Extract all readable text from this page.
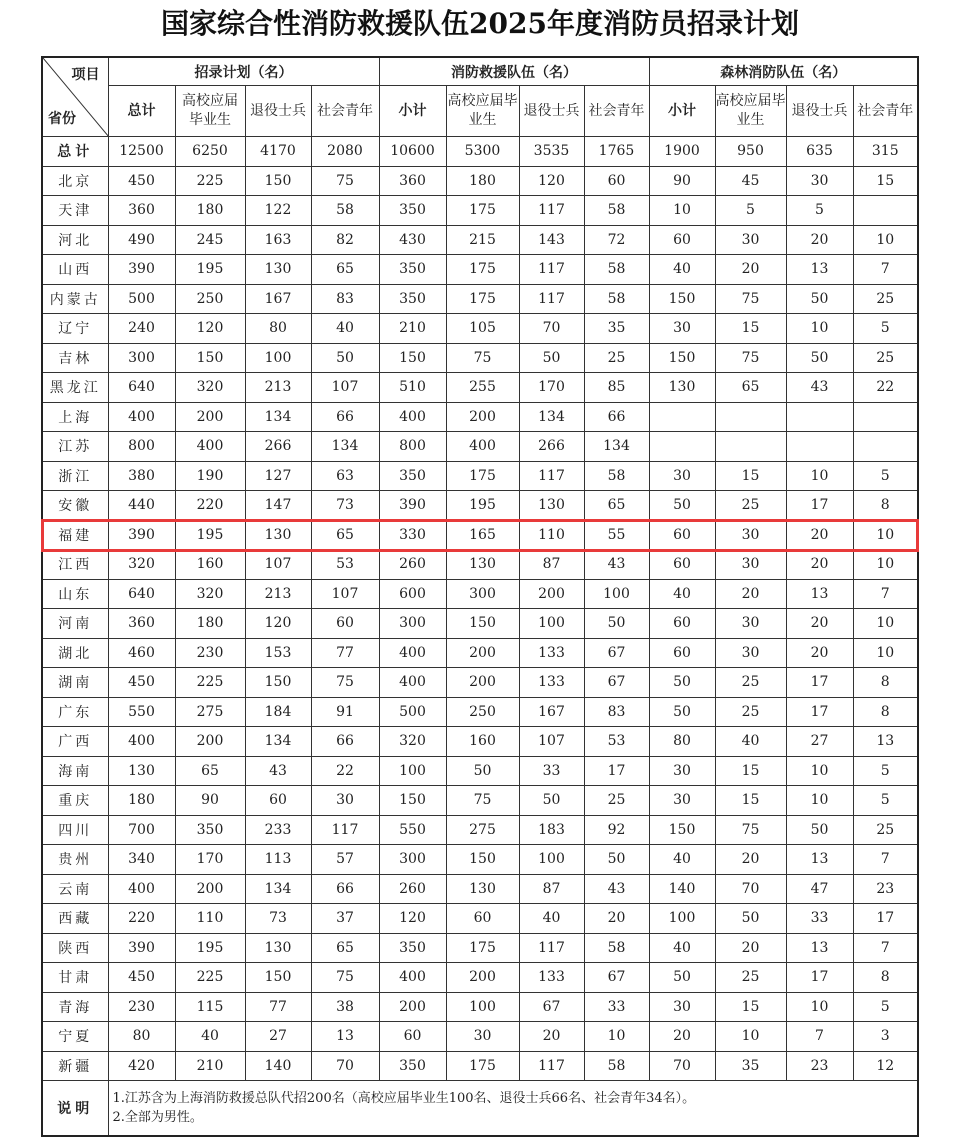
国家综合性消防救援队伍2025年度消防员招录计划
项目
省份	招录计划（名）				消防救援队伍（名）				森林消防队伍（名）			
	总计	高校应届毕业生	退役士兵	社会青年	小计	高校应届毕业生	退役士兵	社会青年	小计	高校应届毕业生	退役士兵	社会青年
总计	12500	6250	4170	2080	10600	5300	3535	1765	1900	950	635	315
北京	450	225	150	75	360	180	120	60	90	45	30	15
天津	360	180	122	58	350	175	117	58	10	5	5	
河北	490	245	163	82	430	215	143	72	60	30	20	10
山西	390	195	130	65	350	175	117	58	40	20	13	7
内蒙古	500	250	167	83	350	175	117	58	150	75	50	25
辽宁	240	120	80	40	210	105	70	35	30	15	10	5
吉林	300	150	100	50	150	75	50	25	150	75	50	25
黑龙江	640	320	213	107	510	255	170	85	130	65	43	22
上海	400	200	134	66	400	200	134	66				
江苏	800	400	266	134	800	400	266	134				
浙江	380	190	127	63	350	175	117	58	30	15	10	5
安徽	440	220	147	73	390	195	130	65	50	25	17	8
福建	390	195	130	65	330	165	110	55	60	30	20	10
江西	320	160	107	53	260	130	87	43	60	30	20	10
山东	640	320	213	107	600	300	200	100	40	20	13	7
河南	360	180	120	60	300	150	100	50	60	30	20	10
湖北	460	230	153	77	400	200	133	67	60	30	20	10
湖南	450	225	150	75	400	200	133	67	50	25	17	8
广东	550	275	184	91	500	250	167	83	50	25	17	8
广西	400	200	134	66	320	160	107	53	80	40	27	13
海南	130	65	43	22	100	50	33	17	30	15	10	5
重庆	180	90	60	30	150	75	50	25	30	15	10	5
四川	700	350	233	117	550	275	183	92	150	75	50	25
贵州	340	170	113	57	300	150	100	50	40	20	13	7
云南	400	200	134	66	260	130	87	43	140	70	47	23
西藏	220	110	73	37	120	60	40	20	100	50	33	17
陕西	390	195	130	65	350	175	117	58	40	20	13	7
甘肃	450	225	150	75	400	200	133	67	50	25	17	8
青海	230	115	77	38	200	100	67	33	30	15	10	5
宁夏	80	40	27	13	60	30	20	10	20	10	7	3
新疆	420	210	140	70	350	175	117	58	70	35	23	12
说明	1.江苏含为上海消防救援总队代招200名（高校应届毕业生100名、退役士兵66名、社会青年34名）。
2.全部为男性。											
